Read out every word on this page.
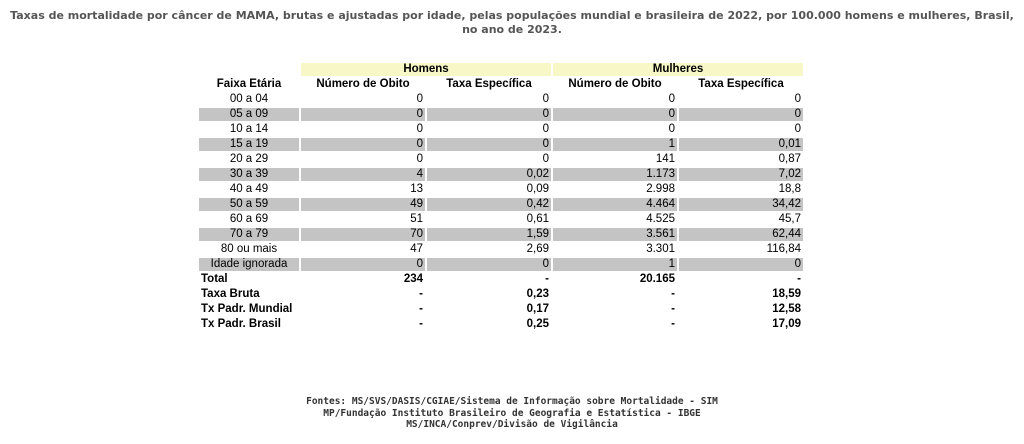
Taxas de mortalidade por câncer de MAMA, brutas e ajustadas por idade, pelas populações mundial e brasileira de 2022, por 100.000 homens e mulheres, Brasil,
no ano de 2023.
	Homens		Mulheres	
Faixa Etária	Número de Obito	Taxa Específica	Número de Obito	Taxa Específica
00 a 04	0	0	0	0
05 a 09	0	0	0	0
10 a 14	0	0	0	0
15 a 19	0	0	1	0,01
20 a 29	0	0	141	0,87
30 a 39	4	0,02	1.173	7,02
40 a 49	13	0,09	2.998	18,8
50 a 59	49	0,42	4.464	34,42
60 a 69	51	0,61	4.525	45,7
70 a 79	70	1,59	3.561	62,44
80 ou mais	47	2,69	3.301	116,84
Idade ignorada	0	0	1	0
Total	234	-	20.165	-
Taxa Bruta	-	0,23	-	18,59
Tx Padr. Mundial	-	0,17	-	12,58
Tx Padr. Brasil	-	0,25	-	17,09
Fontes: MS/SVS/DASIS/CGIAE/Sistema de Informação sobre Mortalidade - SIM
MP/Fundação Instituto Brasileiro de Geografia e Estatística - IBGE
MS/INCA/Conprev/Divisão de Vigilância
